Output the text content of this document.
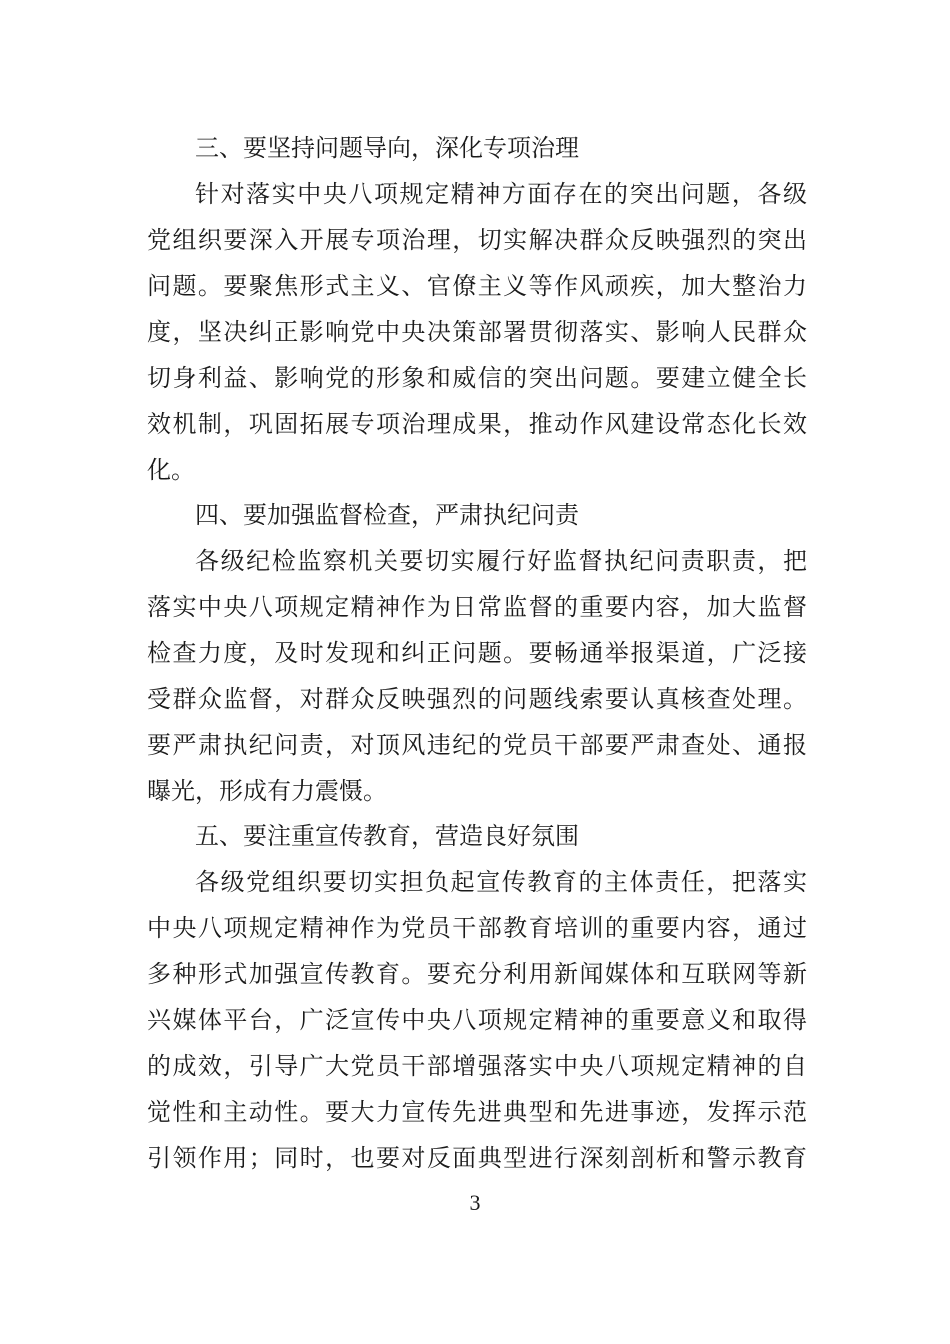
三、要坚持问题导向，深化专项治理
针对落实中央八项规定精神方面存在的突出问题，各级
党组织要深入开展专项治理，切实解决群众反映强烈的突出
问题。要聚焦形式主义、官僚主义等作风顽疾，加大整治力
度，坚决纠正影响党中央决策部署贯彻落实、影响人民群众
切身利益、影响党的形象和威信的突出问题。要建立健全长
效机制，巩固拓展专项治理成果，推动作风建设常态化长效
化。
四、要加强监督检查，严肃执纪问责
各级纪检监察机关要切实履行好监督执纪问责职责，把
落实中央八项规定精神作为日常监督的重要内容，加大监督
检查力度，及时发现和纠正问题。要畅通举报渠道，广泛接
受群众监督，对群众反映强烈的问题线索要认真核查处理。
要严肃执纪问责，对顶风违纪的党员干部要严肃查处、通报
曝光，形成有力震慑。
五、要注重宣传教育，营造良好氛围
各级党组织要切实担负起宣传教育的主体责任，把落实
中央八项规定精神作为党员干部教育培训的重要内容，通过
多种形式加强宣传教育。要充分利用新闻媒体和互联网等新
兴媒体平台，广泛宣传中央八项规定精神的重要意义和取得
的成效，引导广大党员干部增强落实中央八项规定精神的自
觉性和主动性。要大力宣传先进典型和先进事迹，发挥示范
引领作用；同时，也要对反面典型进行深刻剖析和警示教育
3
